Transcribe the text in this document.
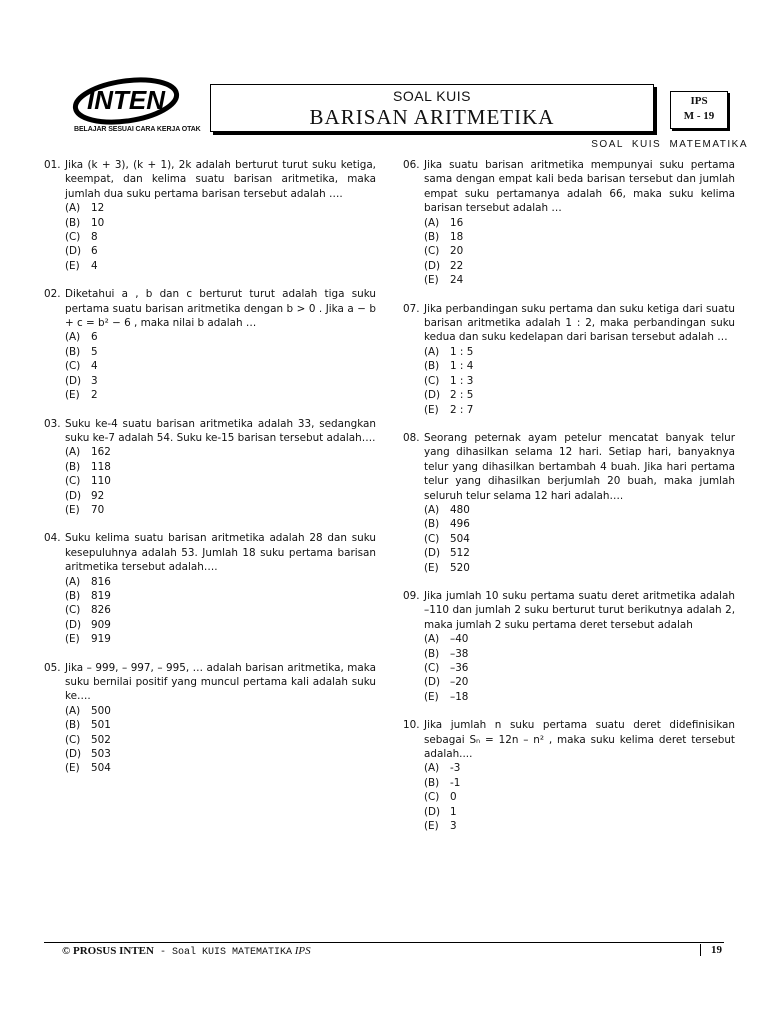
INTEN
BELAJAR SESUAI CARA KERJA OTAK
SOAL KUIS
BARISAN ARITMETIKA
IPS
M - 19
SOAL KUIS MATEMATIKA
01. Jika (k + 3), (k + 1), 2k adalah berturut turut suku ketiga, keempat, dan kelima suatu barisan aritmetika, maka jumlah dua suku pertama barisan tersebut adalah ….
(A)	12
(B)	10
(C)	8
(D) 6
(E)	4
02. Diketahui a , b dan c berturut turut adalah tiga suku pertama suatu barisan aritmetika dengan b > 0 . Jika a − b + c = b² − 6 , maka nilai b adalah …
(A)	6
(B)	5
(C)	4
(D) 3
(E)	2
03. Suku ke-4 suatu barisan aritmetika adalah 33, sedangkan suku ke-7 adalah 54. Suku ke-15 barisan tersebut adalah….
(A)	162
(B)	118
(C)	110
(D) 92
(E)	70
04. Suku kelima suatu barisan aritmetika adalah 28 dan suku kesepuluhnya adalah 53. Jumlah 18 suku pertama barisan aritmetika tersebut adalah….
(A)	816
(B)	819
(C)	826
(D) 909
(E)	919
05. Jika – 999, – 997, – 995, … adalah barisan aritmetika, maka suku bernilai positif yang muncul pertama kali adalah suku ke….
(A)	500
(B)	501
(C)	502
(D) 503
(E)	504
06. Jika suatu barisan aritmetika mempunyai suku pertama sama dengan empat kali beda barisan tersebut dan jumlah empat suku pertamanya adalah 66, maka suku kelima barisan tersebut adalah …
(A)	16
(B)	18
(C)	20
(D) 22
(E)	24
07. Jika perbandingan suku pertama dan suku ketiga dari suatu barisan aritmetika adalah 1 : 2, maka perbandingan suku kedua dan suku kedelapan dari barisan tersebut adalah …
(A)	1 : 5
(B)	1 : 4
(C)	1 : 3
(D) 2 : 5
(E)	2 : 7
08. Seorang peternak ayam petelur mencatat banyak telur yang dihasilkan selama 12 hari. Setiap hari, banyaknya telur yang dihasilkan bertambah 4 buah. Jika hari pertama telur yang dihasilkan berjumlah 20 buah, maka jumlah seluruh telur selama 12 hari adalah….
(A)	480
(B)	496
(C)	504
(D) 512
(E)	520
09. Jika jumlah 10 suku pertama suatu deret aritmetika adalah –110 dan jumlah 2 suku berturut turut berikutnya adalah 2, maka jumlah 2 suku pertama deret tersebut adalah
(A)	–40
(B)	–38
(C)	–36
(D) –20
(E)	–18
10. Jika jumlah n suku pertama suatu deret didefinisikan sebagai Sₙ = 12n – n² , maka suku kelima deret tersebut adalah....
(A)	-3
(B)	-1
(C)	0
(D) 1
(E)	3
© PROSUS INTEN - Soal KUIS MATEMATIKA IPS	19
